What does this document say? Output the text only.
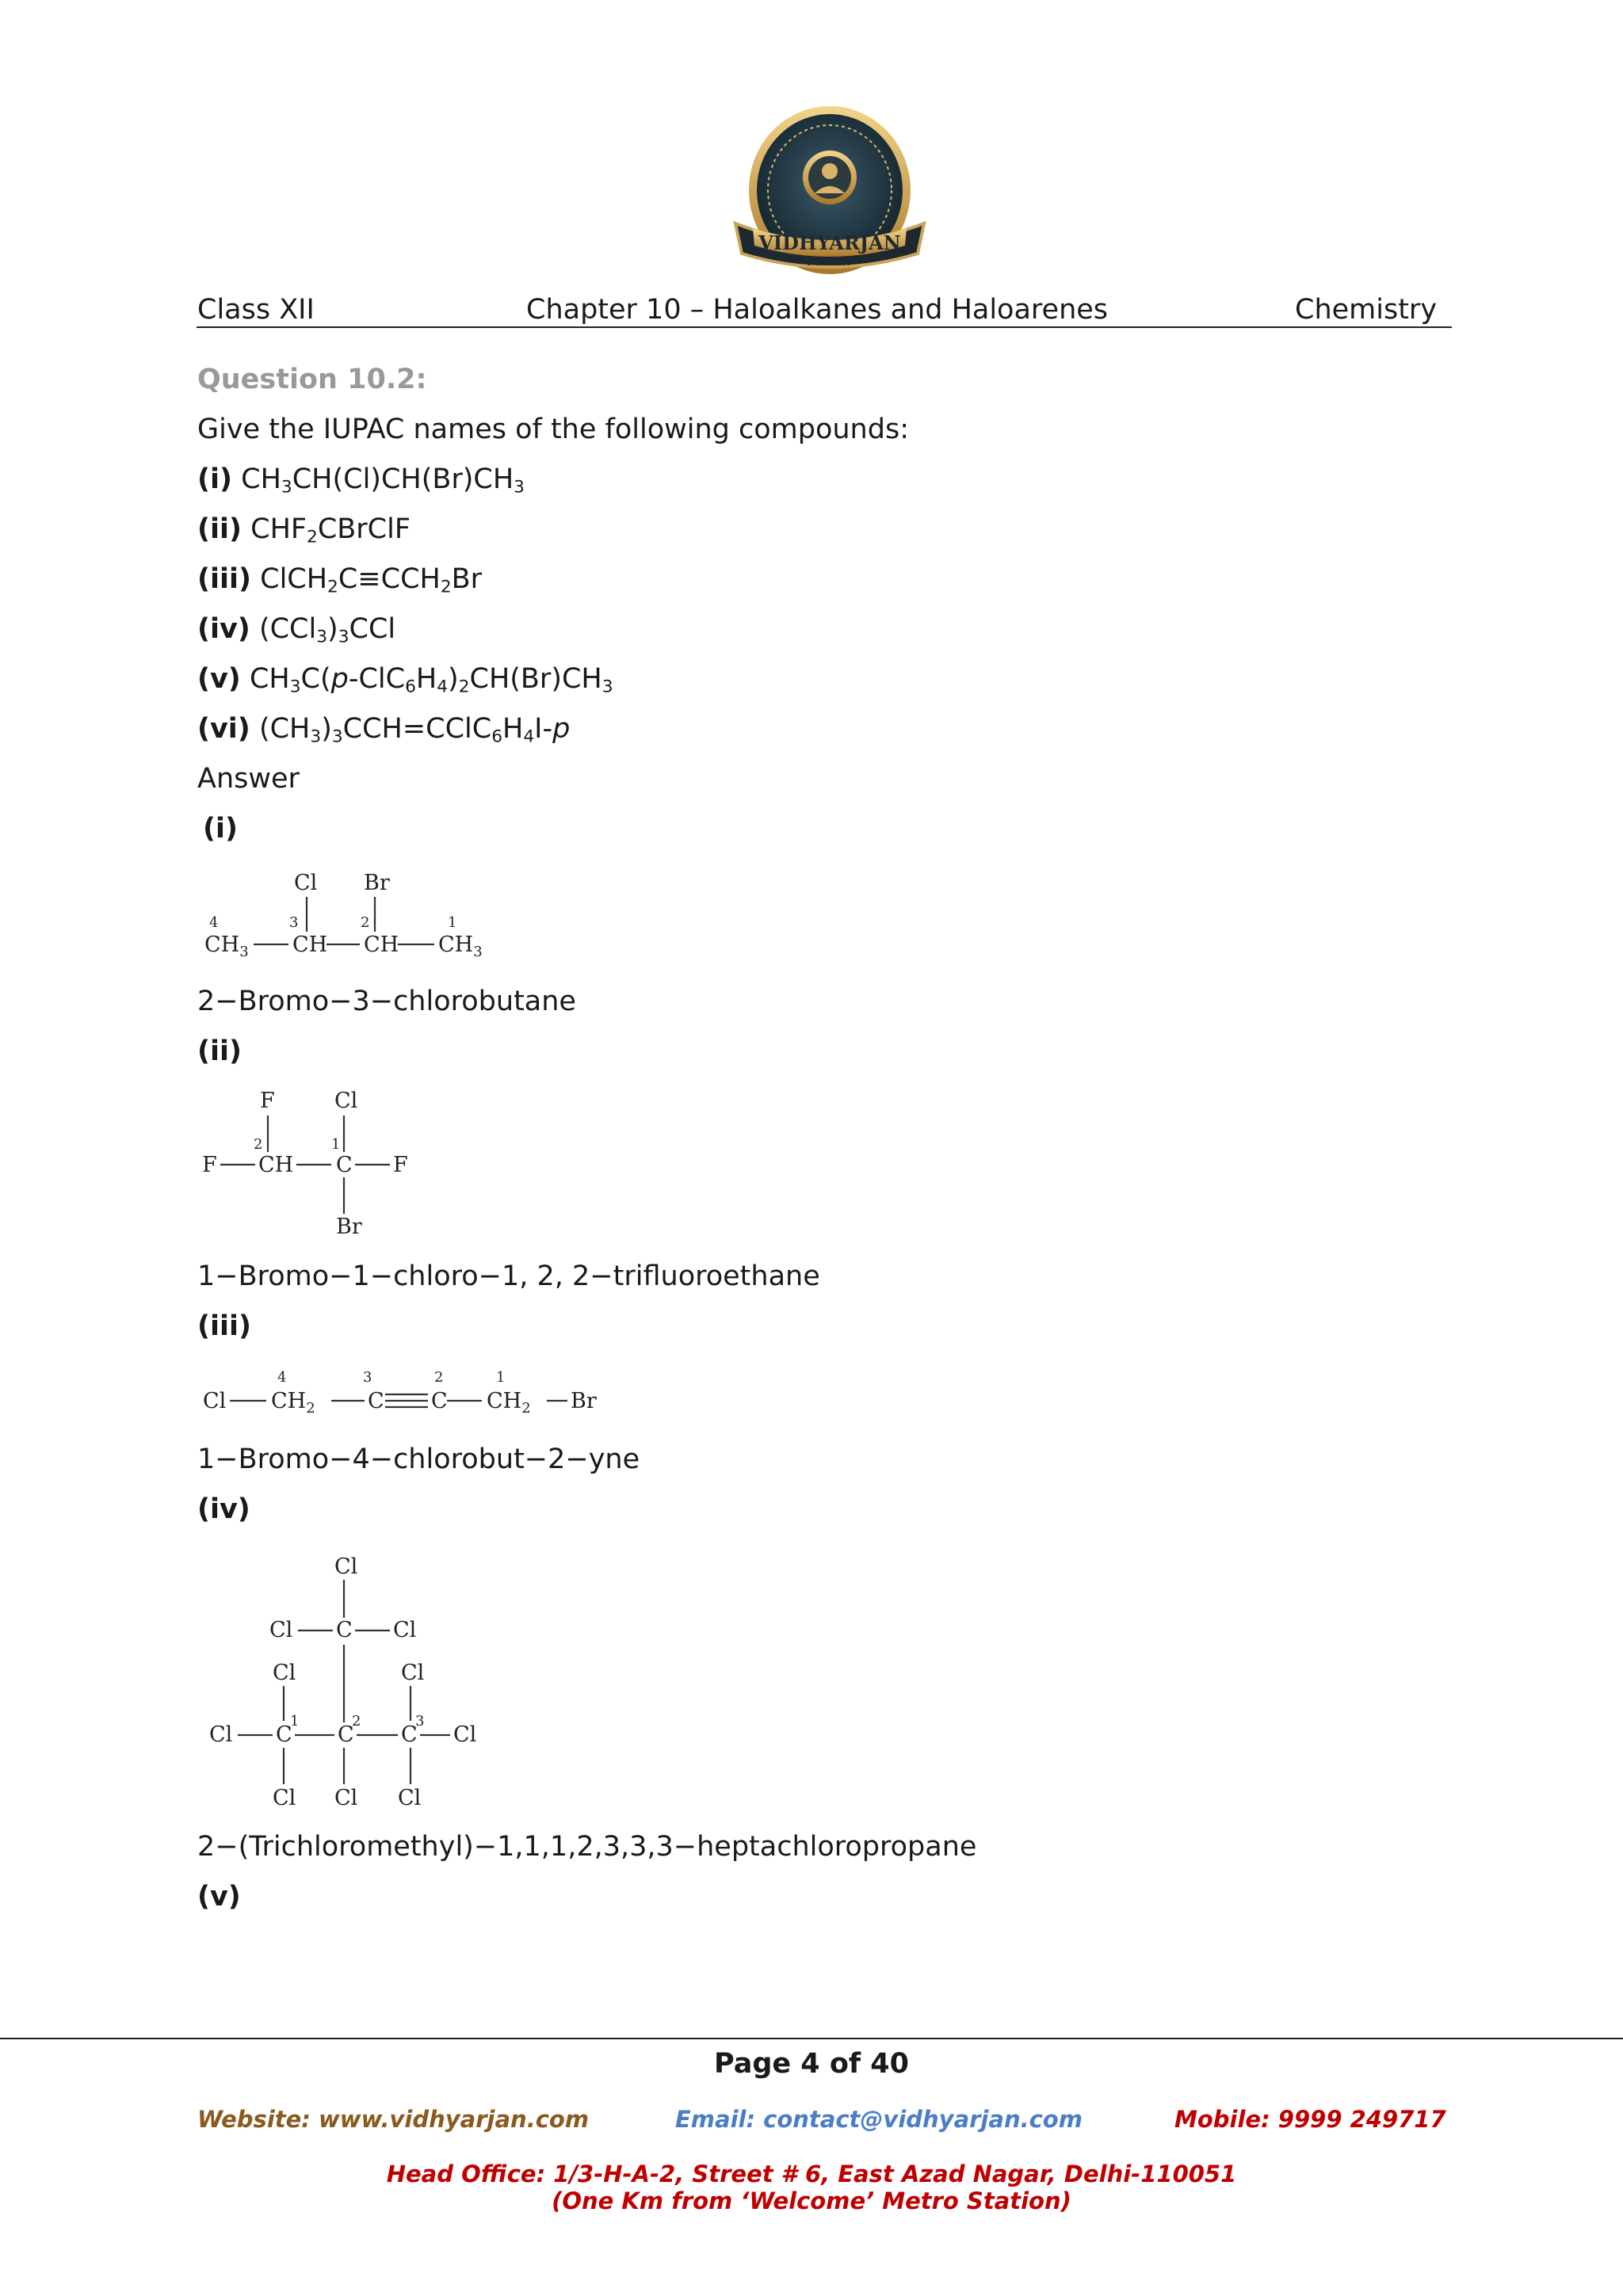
VIDHYARJAN
Institute
Class XII	Chapter 10 – Haloalkanes and Haloarenes	Chemistry
Question 10.2:
Give the IUPAC names of the following compounds:
(i) $CH_3CH(Cl)CH(Br)CH_3$
(ii) $CHF_2CBrClF$
(iii) $ClCH_2C\equiv CCH_2Br$
(iv) $(CCl_3)_3CCl$
(v) $CH_3C(p-ClC_6H_4)_2CH(Br)CH_3$
(vi) $(CH_3)_3CCH=CClC_6H_4I-p$
Answer
(i)
Cl Br
$CH_3$ CH CH $CH_3$
4	3	2	1
2−Bromo−3−chlorobutane
(ii)
F	Cl
F CH C F
Br
2	1
1−Bromo−1−chloro−1, 2, 2−trifluoroethane
(iii)
Cl $CH_2$ C C $CH_2$ Br
4	3	2	1
1−Bromo−4−chlorobut−2−yne
(iv)
Cl
Cl C Cl
Cl	Cl
Cl C C C Cl
Cl Cl Cl
1	2	3
2−(Trichloromethyl)−1,1,1,2,3,3,3−heptachloropropane
(v)
Page 4 of 40
Website: www.vidhyarjan.com	Email: contact@vidhyarjan.com	Mobile: 9999 249717
Head Office: 1/3-H-A-2, Street # 6, East Azad Nagar, Delhi-110051
(One Km from ‘Welcome’ Metro Station)
